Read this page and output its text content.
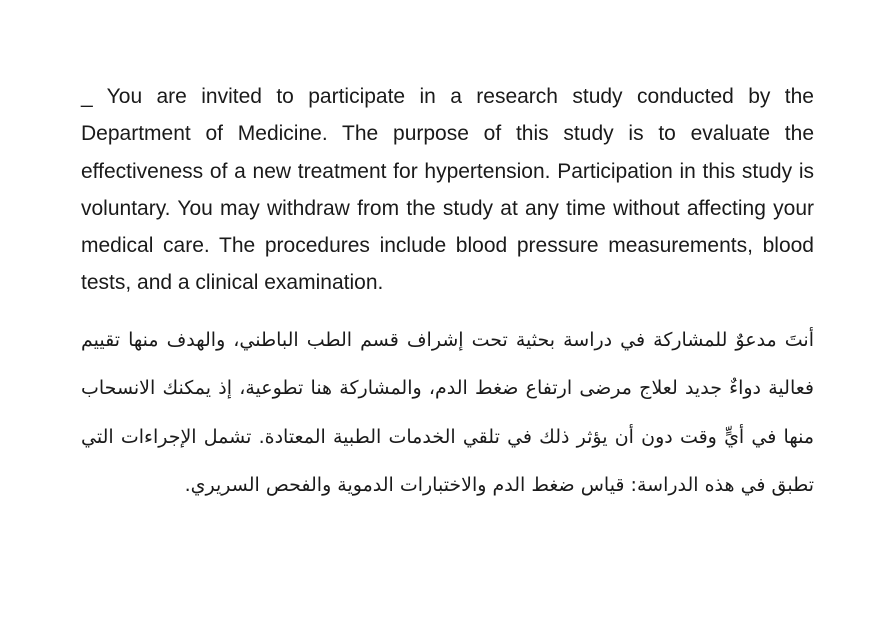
_ You are invited to participate in a research study conducted by the Department of Medicine. The purpose of this study is to evaluate the effectiveness of a new treatment for hypertension. Participation in this study is voluntary. You may withdraw from the study at any time without affecting your medical care. The procedures include blood pressure measurements, blood tests, and a clinical examination.

أنتَ مدعوٌ للمشاركة في دراسة بحثية تحت إشراف قسم الطب الباطني، والهدف منها تقييم فعالية دواءٌ جديد لعلاج مرضى ارتفاع ضغط الدم، والمشاركة هنا تطوعية، إذ يمكنك الانسحاب منها في أيٍّ وقت دون أن يؤثر ذلك في تلقي الخدمات الطبية المعتادة. تشمل الإجراءات التي تطبق في هذه الدراسة: قياس ضغط الدم والاختبارات الدموية والفحص السريري.
